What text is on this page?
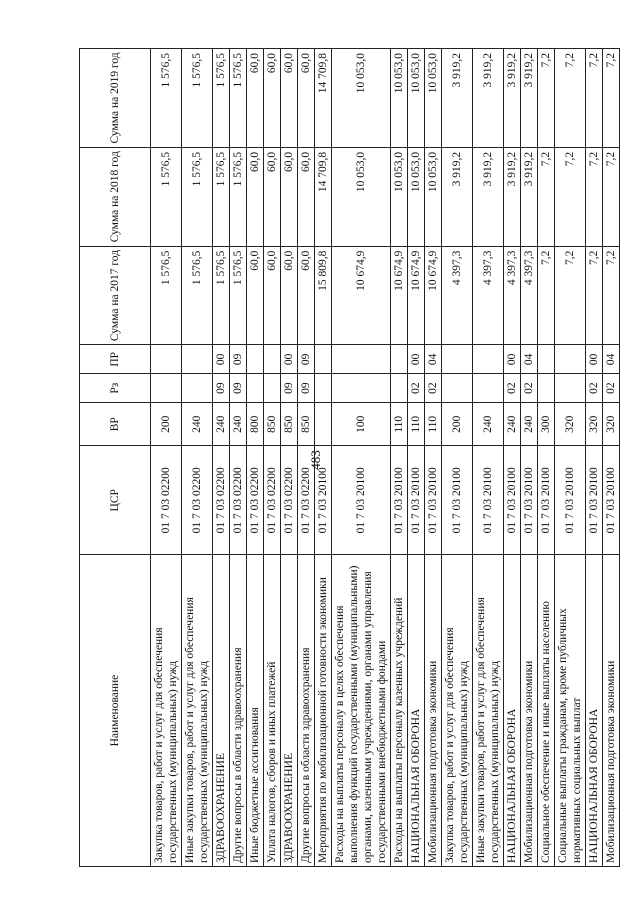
483
Наименование	ЦСР	ВР	Рз	ПР	Сумма на 2017 год	Сумма на 2018 год	Сумма на 2019 год
Закупка товаров, работ и услуг для обеспечения государственных (муниципальных) нужд	01 7 03 02200	200			1 576,5	1 576,5	1 576,5
Иные закупки товаров, работ и услуг для обеспечения государственных (муниципальных) нужд	01 7 03 02200	240			1 576,5	1 576,5	1 576,5
ЗДРАВООХРАНЕНИЕ	01 7 03 02200	240	09	00	1 576,5	1 576,5	1 576,5
Другие вопросы в области здравоохранения	01 7 03 02200	240	09	09	1 576,5	1 576,5	1 576,5
Иные бюджетные ассигнования	01 7 03 02200	800			60,0	60,0	60,0
Уплата налогов, сборов и иных платежей	01 7 03 02200	850			60,0	60,0	60,0
ЗДРАВООХРАНЕНИЕ	01 7 03 02200	850	09	00	60,0	60,0	60,0
Другие вопросы в области здравоохранения	01 7 03 02200	850	09	09	60,0	60,0	60,0
Мероприятия по мобилизационной готовности экономики	01 7 03 20100				15 809,8	14 709,8	14 709,8
Расходы на выплаты персоналу в целях обеспечения выполнения функций государственными (муниципальными) органами, казенными учреждениями, органами управления государственными внебюджетными фондами	01 7 03 20100	100			10 674,9	10 053,0	10 053,0
Расходы на выплаты персоналу казенных учреждений	01 7 03 20100	110			10 674,9	10 053,0	10 053,0
НАЦИОНАЛЬНАЯ ОБОРОНА	01 7 03 20100	110	02	00	10 674,9	10 053,0	10 053,0
Мобилизационная подготовка экономики	01 7 03 20100	110	02	04	10 674,9	10 053,0	10 053,0
Закупка товаров, работ и услуг для обеспечения государственных (муниципальных) нужд	01 7 03 20100	200			4 397,3	3 919,2	3 919,2
Иные закупки товаров, работ и услуг для обеспечения государственных (муниципальных) нужд	01 7 03 20100	240			4 397,3	3 919,2	3 919,2
НАЦИОНАЛЬНАЯ ОБОРОНА	01 7 03 20100	240	02	00	4 397,3	3 919,2	3 919,2
Мобилизационная подготовка экономики	01 7 03 20100	240	02	04	4 397,3	3 919,2	3 919,2
Социальное обеспечение и иные выплаты населению	01 7 03 20100	300			7,2	7,2	7,2
Социальные выплаты гражданам, кроме публичных нормативных социальных выплат	01 7 03 20100	320			7,2	7,2	7,2
НАЦИОНАЛЬНАЯ ОБОРОНА	01 7 03 20100	320	02	00	7,2	7,2	7,2
Мобилизационная подготовка экономики	01 7 03 20100	320	02	04	7,2	7,2	7,2
